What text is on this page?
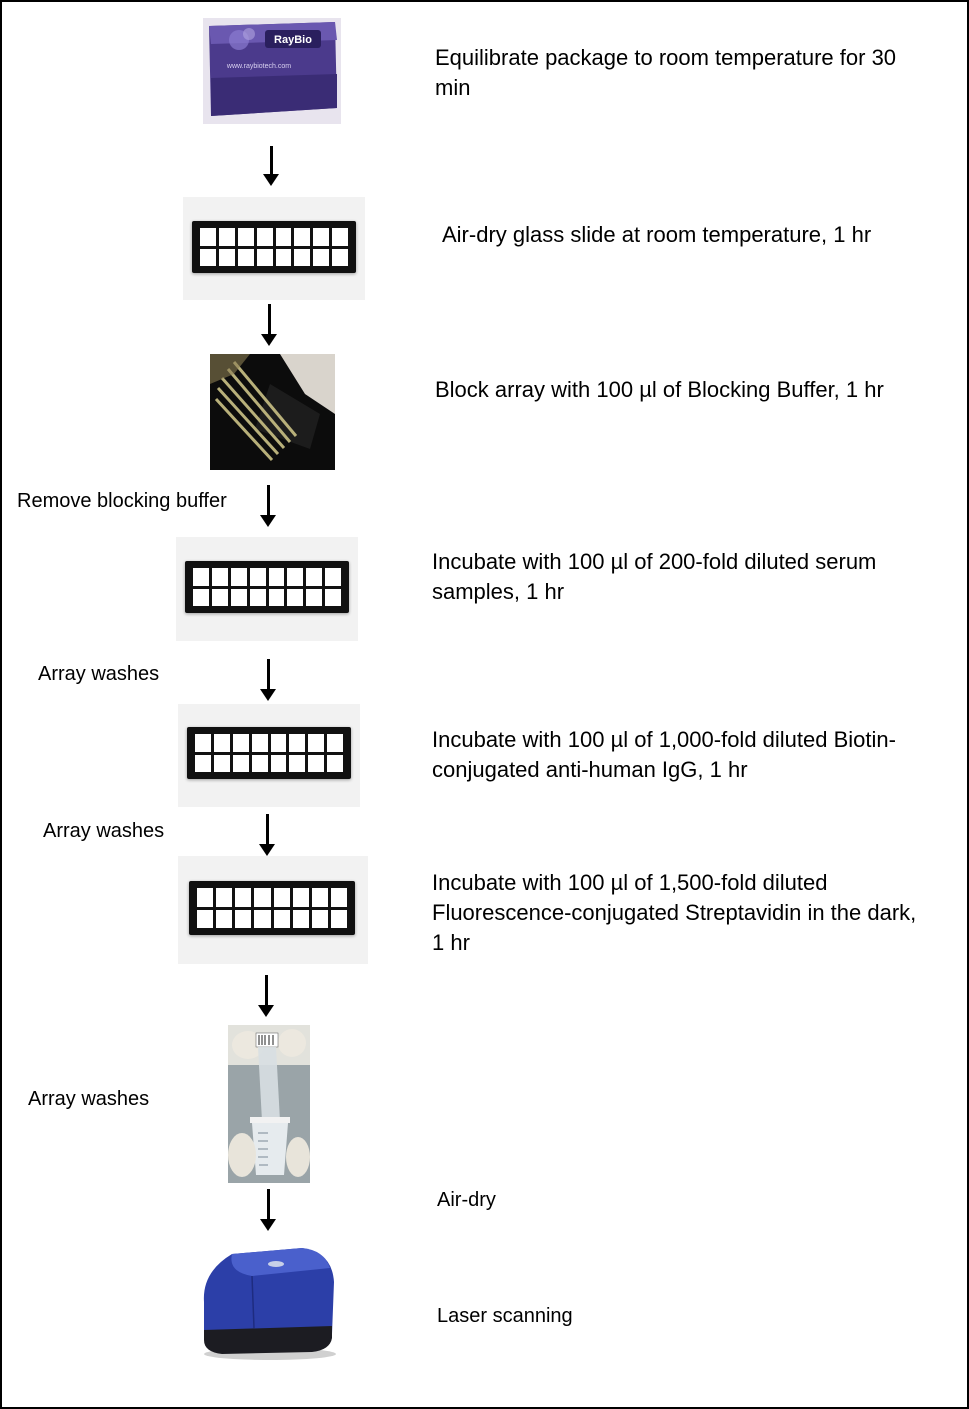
RayBio
www.raybiotech.com	Equilibrate package to room temperature for 30 min
Air-dry glass slide at room temperature, 1 hr
Block array with 100 µl of Blocking Buffer, 1 hr
Remove blocking buffer
Incubate with 100 µl of 200-fold diluted serum samples, 1 hr
Array washes
Incubate with 100 µl of 1,000-fold diluted Biotin-conjugated anti-human IgG, 1 hr
Array washes
Incubate with 100 µl of 1,500-fold diluted Fluorescence-conjugated Streptavidin in the dark, 1 hr
Array washes
Air-dry
Laser scanning
